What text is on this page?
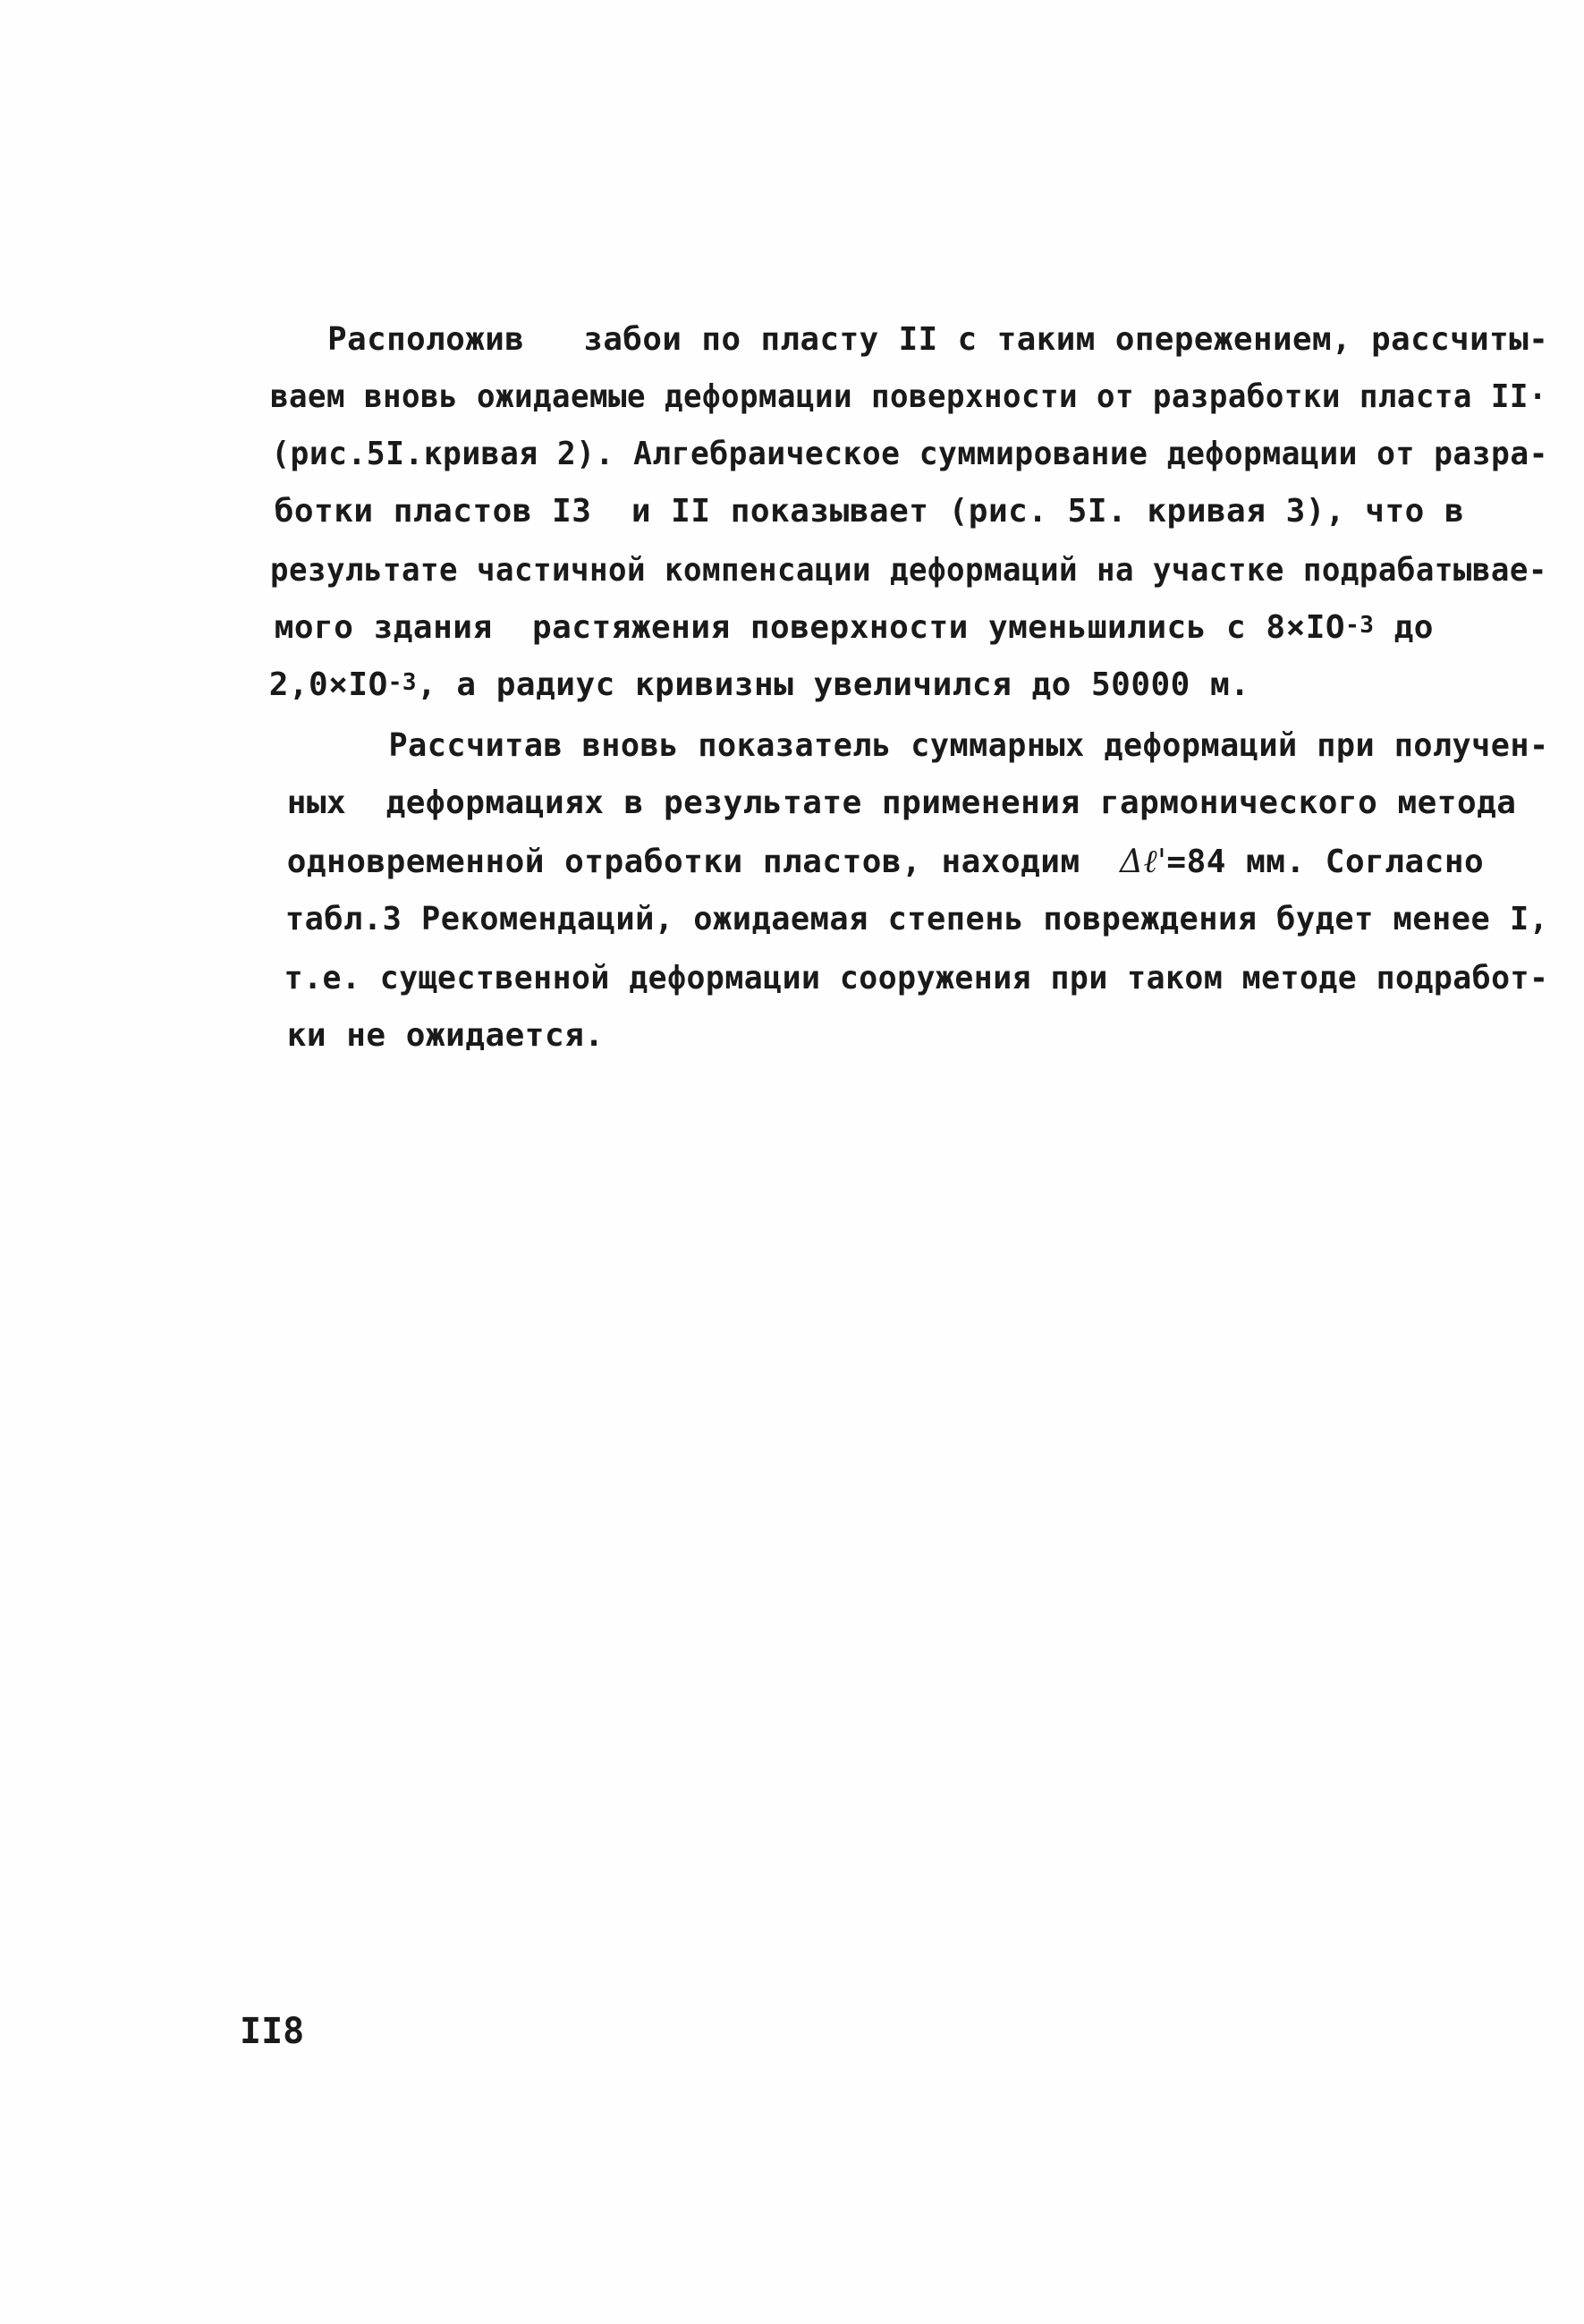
Расположив   забои по пласту II с таким опережением, рассчиты-

ваем вновь ожидаемые деформации поверхности от разработки пласта II·

(рис.5I.кривая 2). Алгебраическое суммирование деформации от разра-

ботки пластов I3  и II показывает (рис. 5I. кривая 3), что в

результате частичной компенсации деформаций на участке подрабатывае-

мого здания  растяжения поверхности уменьшились с $8\times IO^{-3}$ до

$2,0\times IO^{-3}$, а радиус кривизны увеличился до 50000 м.

Рассчитав вновь показатель суммарных деформаций при получен-

ных  деформациях в результате применения гармонического метода

одновременной отработки пластов, находим  Δℓ'=84 мм. Согласно

табл.3 Рекомендаций, ожидаемая степень повреждения будет менее I,

т.е. существенной деформации сооружения при таком методе подработ-

ки не ожидается.

II8
